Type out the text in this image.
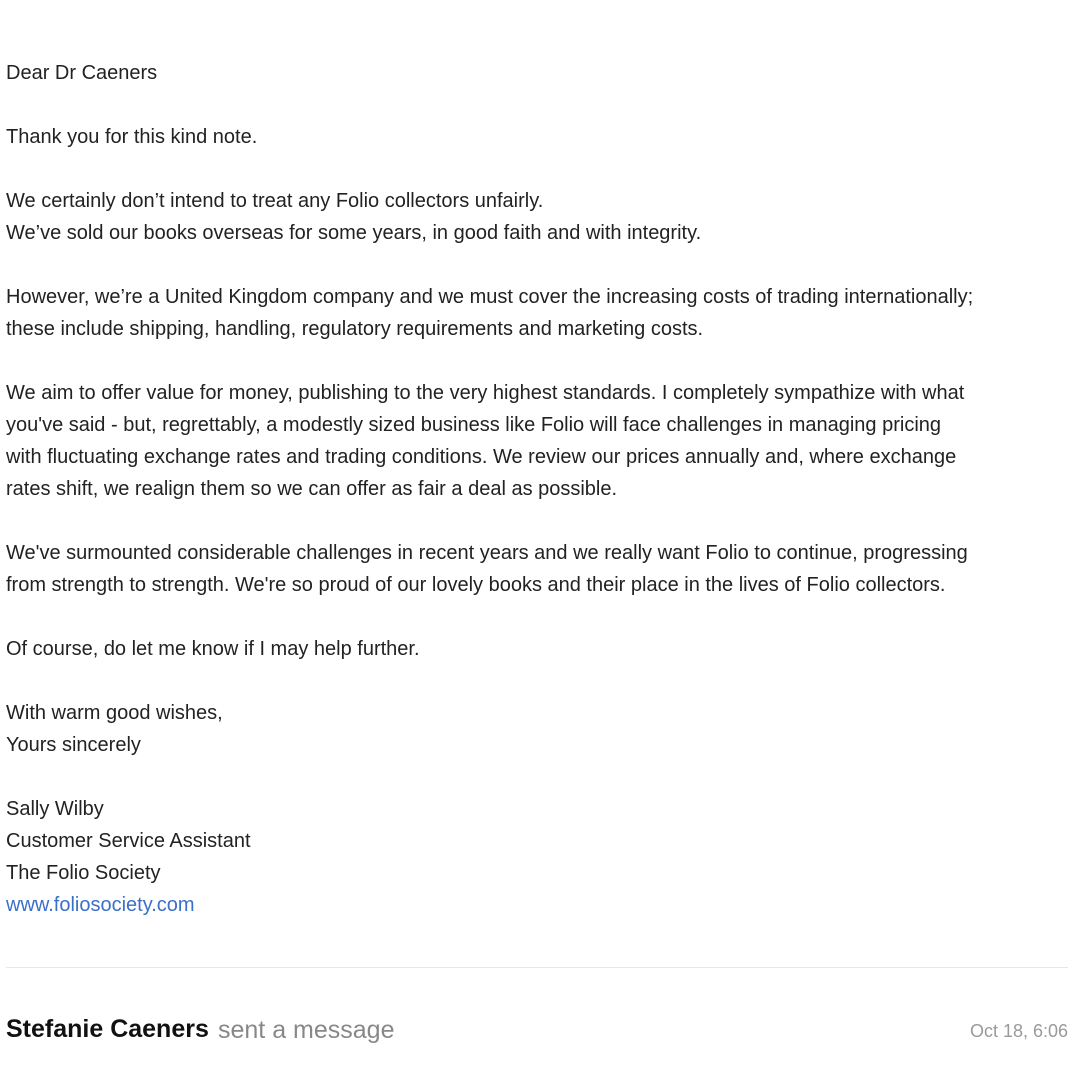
Dear Dr Caeners

Thank you for this kind note.

We certainly don’t intend to treat any Folio collectors unfairly.
We’ve sold our books overseas for some years, in good faith and with integrity.

However, we’re a United Kingdom company and we must cover the increasing costs of trading internationally;
these include shipping, handling, regulatory requirements and marketing costs.

We aim to offer value for money, publishing to the very highest standards. I completely sympathize with what
you've said - but, regrettably, a modestly sized business like Folio will face challenges in managing pricing
with fluctuating exchange rates and trading conditions. We review our prices annually and, where exchange
rates shift, we realign them so we can offer as fair a deal as possible.

We've surmounted considerable challenges in recent years and we really want Folio to continue, progressing
from strength to strength. We're so proud of our lovely books and their place in the lives of Folio collectors.

Of course, do let me know if I may help further.

With warm good wishes,
Yours sincerely

Sally Wilby
Customer Service Assistant
The Folio Society
www.foliosociety.com

Stefanie Caeners sent a message	Oct 18, 6:06
